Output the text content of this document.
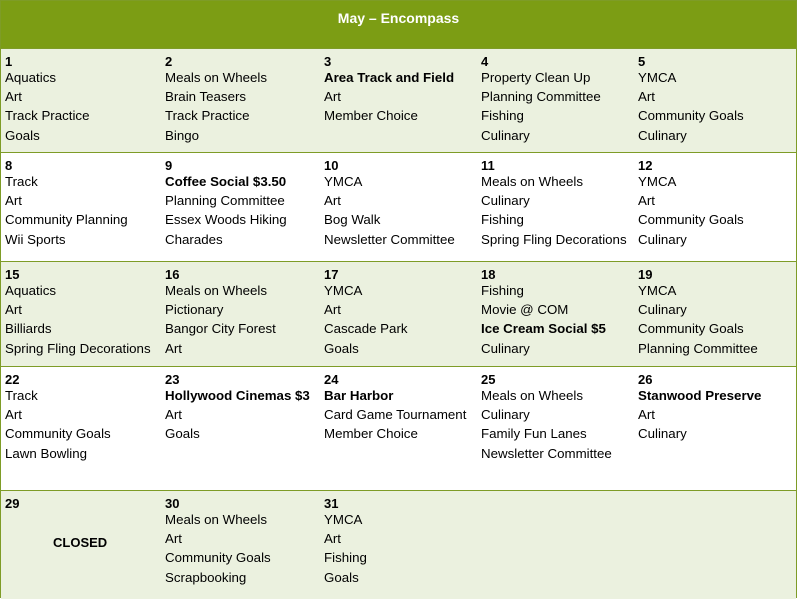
May – Encompass
1
Aquatics
Art
Track Practice
Goals
2
Meals on Wheels
Brain Teasers
Track Practice
Bingo
3
Area Track and Field
Art
Member Choice
4
Property Clean Up
Planning Committee
Fishing
Culinary
5
YMCA
Art
Community Goals
Culinary
8
Track
Art
Community Planning
Wii Sports
9
Coffee Social $3.50
Planning Committee
Essex Woods Hiking
Charades
10
YMCA
Art
Bog Walk
Newsletter Committee
11
Meals on Wheels
Culinary
Fishing
Spring Fling Decorations
12
YMCA
Art
Community Goals
Culinary
15
Aquatics
Art
Billiards
Spring Fling Decorations
16
Meals on Wheels
Pictionary
Bangor City Forest
Art
17
YMCA
Art
Cascade Park
Goals
18
Fishing
Movie @ COM
Ice Cream Social $5
Culinary
19
YMCA
Culinary
Community Goals
Planning Committee
22
Track
Art
Community Goals
Lawn Bowling
23
Hollywood Cinemas $3
Art
Goals
24
Bar Harbor
Card Game Tournament
Member Choice
25
Meals on Wheels
Culinary
Family Fun Lanes
Newsletter Committee
26
Stanwood Preserve
Art
Culinary
29
CLOSED
30
Meals on Wheels
Art
Community Goals
Scrapbooking
31
YMCA
Art
Fishing
Goals
